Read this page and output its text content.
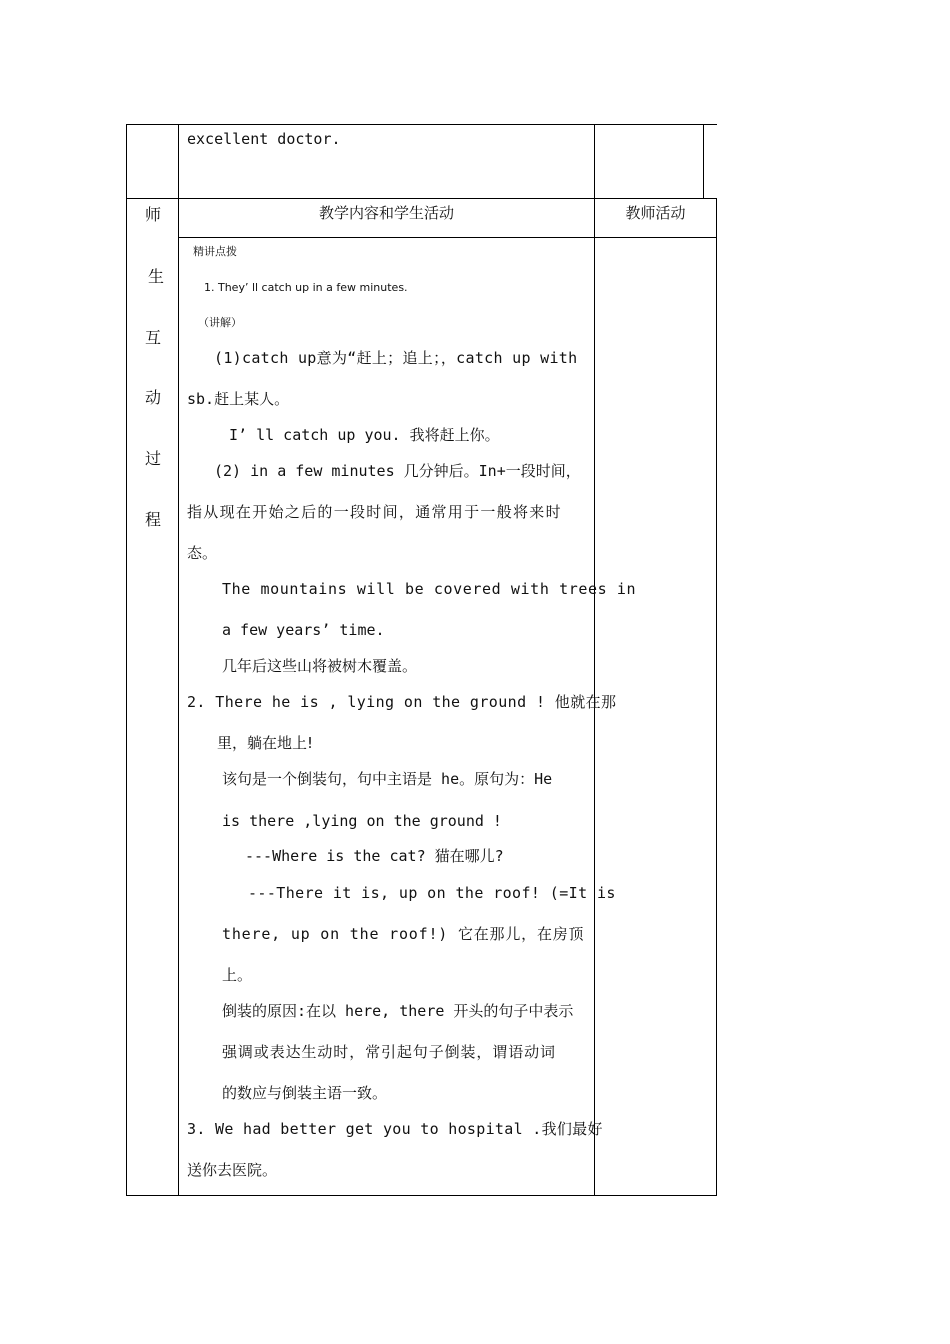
excellent doctor.
教学内容和学生活动	教师活动
师
生
互
动
过
程
精讲点拨
1. They’ ll catch up in a few minutes.
（讲解）
(1)catch up意为“赶上；追上；，catch up with
sb.赶上某人。
I’ ll catch up you. 我将赶上你。
(2) in a few minutes 几分钟后。In+一段时间，
指从现在开始之后的一段时间，通常用于一般将来时
态。
The mountains will be covered with trees in
a few years’ time.
几年后这些山将被树木覆盖。
2. There he is , lying on the ground ! 他就在那
里，躺在地上!
该句是一个倒装句，句中主语是 he。原句为：He
is there ,lying on the ground !
---Where is the cat? 猫在哪儿?
---There it is, up on the roof! (=It is
there, up on the roof!) 它在那儿，在房顶
上。
倒装的原因:在以 here, there 开头的句子中表示
强调或表达生动时，常引起句子倒装，谓语动词
的数应与倒装主语一致。
3. We had better get you to hospital .我们最好
送你去医院。
